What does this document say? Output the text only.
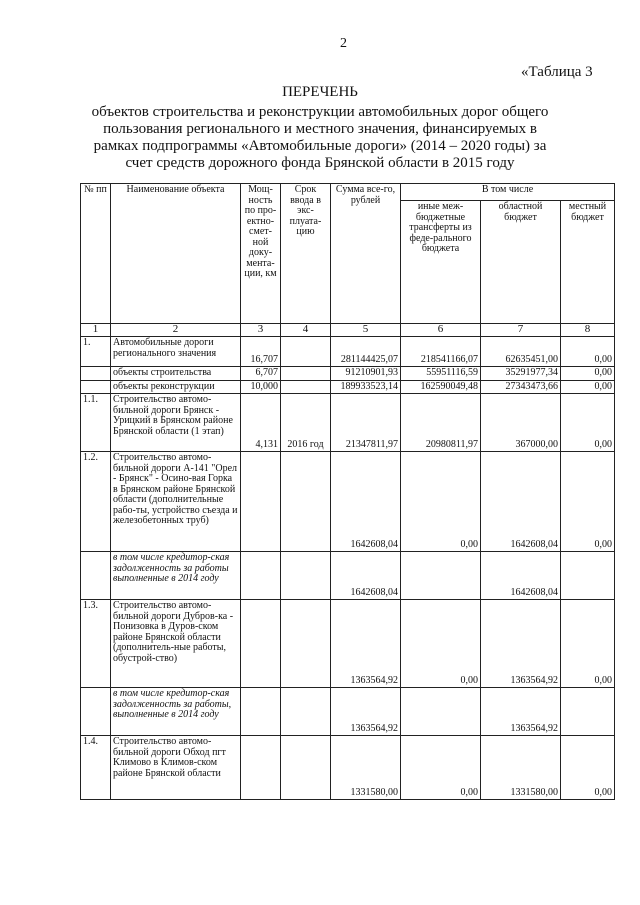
2
«Таблица 3
ПЕРЕЧЕНЬ
объектов строительства и реконструкции автомобильных дорог общего пользования регионального и местного значения, финансируемых в рамках подпрограммы «Автомобильные дороги» (2014 – 2020 годы) за счет средств дорожного фонда Брянской области в 2015 году
№ пп	Наименование объекта	Мощ-ность по про-ектно-смет-ной доку-мента-ции, км	Срок ввода в экс-плуата-цию	Сумма все-го, рублей	В том числе		
					иные меж-бюджетные трансферты из феде-рального бюджета	областной бюджет	местный бюджет
1	2	3	4	5	6	7	8
1.	Автомобильные дороги регионального значения	16,707		281144425,07	218541166,07	62635451,00	0,00
	объекты строительства	6,707		91210901,93	55951116,59	35291977,34	0,00
	объекты реконструкции	10,000		189933523,14	162590049,48	27343473,66	0,00
1.1.	Строительство автомо-бильной дороги Брянск - Урицкий в Брянском районе Брянской области (1 этап)	4,131	2016 год	21347811,97	20980811,97	367000,00	0,00
1.2.	Строительство автомо-бильной дороги А-141 "Орел - Брянск" - Осино-вая Горка в Брянском районе Брянской области (дополнительные рабо-ты, устройство съезда и железобетонных труб)			1642608,04	0,00	1642608,04	0,00
	в том числе кредитор-ская задолженность за работы выполненные в 2014 году			1642608,04		1642608,04	
1.3.	Строительство автомо-бильной дороги Дубров-ка - Понизовка в Дуров-ском районе Брянской области (дополнитель-ные работы, обустрой-ство)			1363564,92	0,00	1363564,92	0,00
	в том числе кредитор-ская задолженность за работы, выполненные в 2014 году			1363564,92		1363564,92	
1.4.	Строительство автомо-бильной дороги Обход пгт Климово в Климов-ском районе Брянской области			1331580,00	0,00	1331580,00	0,00
